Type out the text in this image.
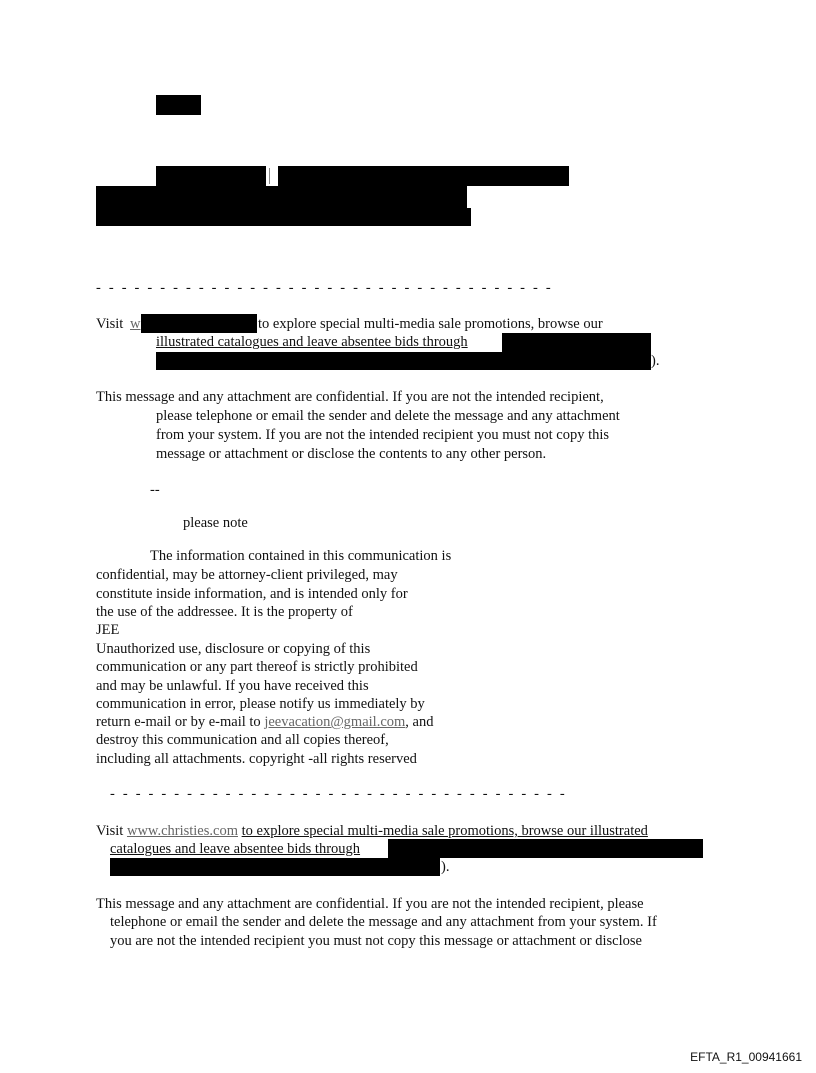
- - - - - - - - - - - - - - - - - - - - - - - - - - - - - - - - - - - -
Visit w	to explore special multi-media sale promotions, browse our
illustrated catalogues and leave absentee bids through
).
This message and any attachment are confidential. If you are not the intended recipient,
please telephone or email the sender and delete the message and any attachment
from your system. If you are not the intended recipient you must not copy this
message or attachment or disclose the contents to any other person.
--
please note
The information contained in this communication is
confidential, may be attorney-client privileged, may
constitute inside information, and is intended only for
the use of the addressee. It is the property of
JEE
Unauthorized use, disclosure or copying of this
communication or any part thereof is strictly prohibited
and may be unlawful. If you have received this
communication in error, please notify us immediately by
return e-mail or by e-mail to jeevacation@gmail.com, and
destroy this communication and all copies thereof,
including all attachments. copyright -all rights reserved
- - - - - - - - - - - - - - - - - - - - - - - - - - - - - - - - - - - -
Visit www.christies.com to explore special multi-media sale promotions, browse our illustrated
catalogues and leave absentee bids through
).
This message and any attachment are confidential. If you are not the intended recipient, please
telephone or email the sender and delete the message and any attachment from your system. If
you are not the intended recipient you must not copy this message or attachment or disclose
EFTA_R1_00941661
